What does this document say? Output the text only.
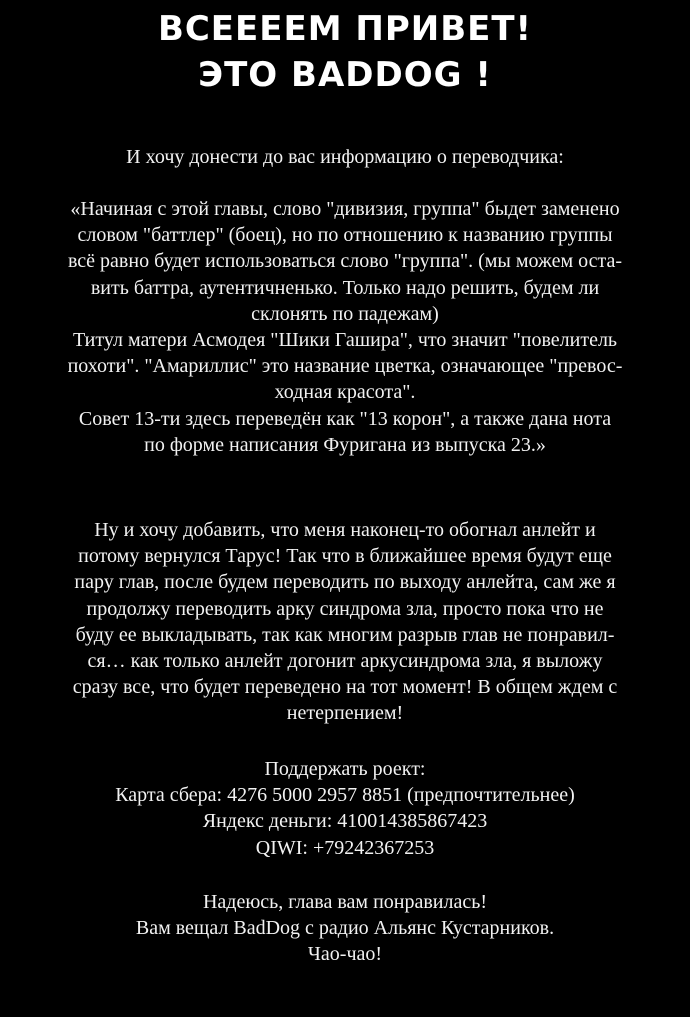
ВСЕЕЕЕМ ПРИВЕТ!
ЭТО BADDOG !
И хочу донести до вас информацию о переводчика:
«Начиная с этой главы, слово "дивизия, группа" быдет заменено
словом "баттлер" (боец), но по отношению к названию группы
всё равно будет использоваться слово "группа". (мы можем оста-
вить баттра, аутентичненько. Только надо решить, будем ли
склонять по падежам)
Титул матери Асмодея "Шики Гашира", что значит "повелитель
похоти". "Амариллис" это название цветка, означающее "превос-
ходная красота".
Совет 13-ти здесь переведён как "13 корон", а также дана нота
по форме написания Фуригана из выпуска 23.»
Ну и хочу добавить, что меня наконец-то обогнал анлейт и
потому вернулся Тарус! Так что в ближайшее время будут еще
пару глав, после будем переводить по выходу анлейта, сам же я
продолжу переводить арку синдрома зла, просто пока что не
буду ее выкладывать, так как многим разрыв глав не понравил-
ся… как только анлейт догонит аркусиндрома зла, я выложу
сразу все, что будет переведено на тот момент! В общем ждем с
нетерпением!
Поддержать роект:
Карта сбера: 4276 5000 2957 8851 (предпочтительнее)
Яндекс деньги: 410014385867423
QIWI: +79242367253
Надеюсь, глава вам понравилась!
Вам вещал BadDog с радио Альянс Кустарников.
Чао-чао!
